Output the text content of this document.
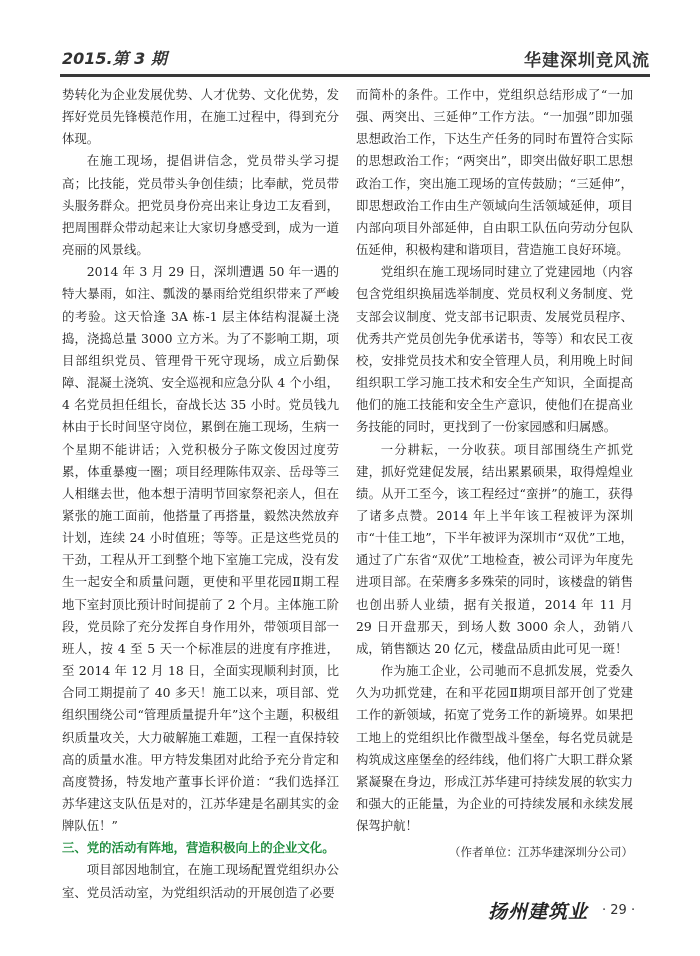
2015.第 3 期	华建深圳竞风流

势转化为企业发展优势、人才优势、文化优势，发挥好党员先锋模范作用，在施工过程中，得到充分体现。

在施工现场，提倡讲信念，党员带头学习提高；比技能，党员带头争创佳绩；比奉献，党员带头服务群众。把党员身份亮出来让身边工友看到，把周围群众带动起来让大家切身感受到，成为一道亮丽的风景线。

2014 年 3 月 29 日，深圳遭遇 50 年一遇的特大暴雨，如注、瓢泼的暴雨给党组织带来了严峻的考验。这天恰逢 3A 栋-1 层主体结构混凝土浇捣，浇捣总量 3000 立方米。为了不影响工期，项目部组织党员、管理骨干死守现场，成立后勤保障、混凝土浇筑、安全巡视和应急分队 4 个小组，4 名党员担任组长，奋战长达 35 小时。党员钱九林由于长时间坚守岗位，累倒在施工现场，生病一个星期不能讲话；入党积极分子陈文俊因过度劳累，体重暴瘦一圈；项目经理陈伟双亲、岳母等三人相继去世，他本想于清明节回家祭祀亲人，但在紧张的施工面前，他搭量了再搭量，毅然决然放弃计划，连续 24 小时值班；等等。正是这些党员的干劲，工程从开工到整个地下室施工完成，没有发生一起安全和质量问题，更使和平里花园Ⅱ期工程地下室封顶比预计时间提前了 2 个月。主体施工阶段，党员除了充分发挥自身作用外，带领项目部一班人，按 4 至 5 天一个标准层的进度有序推进，至 2014 年 12 月 18 日，全面实现顺利封顶，比合同工期提前了 40 多天！施工以来，项目部、党组织围绕公司“管理质量提升年”这个主题，积极组织质量攻关，大力破解施工难题，工程一直保持较高的质量水准。甲方特发集团对此给予充分肯定和高度赞扬，特发地产董事长评价道：“我们选择江苏华建这支队伍是对的，江苏华建是名副其实的金牌队伍！”

三、党的活动有阵地，营造积极向上的企业文化。

项目部因地制宜，在施工现场配置党组织办公室、党员活动室，为党组织活动的开展创造了必要

而简朴的条件。工作中，党组织总结形成了“一加强、两突出、三延伸”工作方法。“一加强”即加强思想政治工作，下达生产任务的同时布置符合实际的思想政治工作；“两突出”，即突出做好职工思想政治工作，突出施工现场的宣传鼓励；“三延伸”，即思想政治工作由生产领域向生活领域延伸，项目内部向项目外部延伸，自由职工队伍向劳动分包队伍延伸，积极构建和谐项目，营造施工良好环境。

党组织在施工现场同时建立了党建园地（内容包含党组织换届选举制度、党员权利义务制度、党支部会议制度、党支部书记职责、发展党员程序、优秀共产党员创先争优承诺书，等等）和农民工夜校，安排党员技术和安全管理人员，利用晚上时间组织职工学习施工技术和安全生产知识，全面提高他们的施工技能和安全生产意识，使他们在提高业务技能的同时，更找到了一份家园感和归属感。

一分耕耘，一分收获。项目部围绕生产抓党建，抓好党建促发展，结出累累硕果，取得煌煌业绩。从开工至今，该工程经过“蛮拼”的施工，获得了诸多点赞。2014 年上半年该工程被评为深圳市“十佳工地”，下半年被评为深圳市“双优”工地，通过了广东省“双优”工地检查，被公司评为年度先进项目部。在荣膺多多殊荣的同时，该楼盘的销售也创出骄人业绩，据有关报道，2014 年 11 月 29 日开盘那天，到场人数 3000 余人，劲销八成，销售额达 20 亿元，楼盘品质由此可见一斑！

作为施工企业，公司驰而不息抓发展，党委久久为功抓党建，在和平花园Ⅱ期项目部开创了党建工作的新领域，拓宽了党务工作的新境界。如果把工地上的党组织比作微型战斗堡垒，每名党员就是构筑成这座堡垒的经纬线，他们将广大职工群众紧紧凝聚在身边，形成江苏华建可持续发展的软实力和强大的正能量，为企业的可持续发展和永续发展保驾护航！

（作者单位：江苏华建深圳分公司）

扬州建筑业 · 29 ·
